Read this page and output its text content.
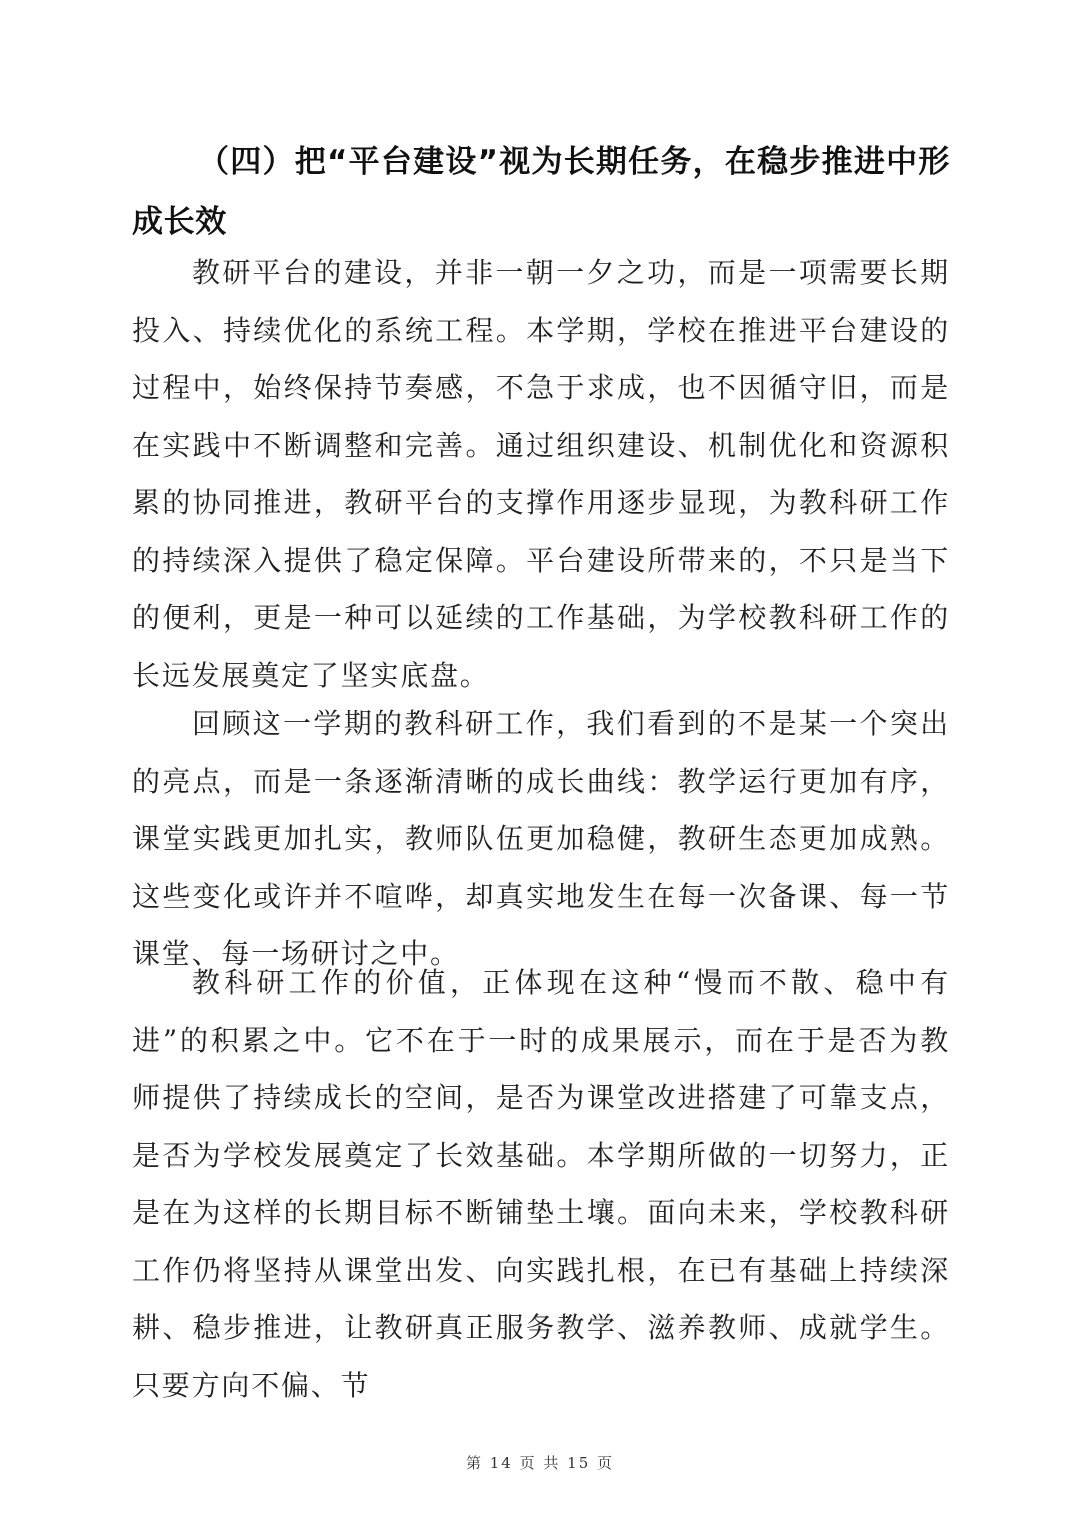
（四）把“平台建设”视为长期任务，在稳步推进中形成长效

教研平台的建设，并非一朝一夕之功，而是一项需要长期投入、持续优化的系统工程。本学期，学校在推进平台建设的过程中，始终保持节奏感，不急于求成，也不因循守旧，而是在实践中不断调整和完善。通过组织建设、机制优化和资源积累的协同推进，教研平台的支撑作用逐步显现，为教科研工作的持续深入提供了稳定保障。平台建设所带来的，不只是当下的便利，更是一种可以延续的工作基础，为学校教科研工作的长远发展奠定了坚实底盘。

回顾这一学期的教科研工作，我们看到的不是某一个突出的亮点，而是一条逐渐清晰的成长曲线：教学运行更加有序，课堂实践更加扎实，教师队伍更加稳健，教研生态更加成熟。这些变化或许并不喧哗，却真实地发生在每一次备课、每一节课堂、每一场研讨之中。

教科研工作的价值，正体现在这种“慢而不散、稳中有进”的积累之中。它不在于一时的成果展示，而在于是否为教师提供了持续成长的空间，是否为课堂改进搭建了可靠支点，是否为学校发展奠定了长效基础。本学期所做的一切努力，正是在为这样的长期目标不断铺垫土壤。面向未来，学校教科研工作仍将坚持从课堂出发、向实践扎根，在已有基础上持续深耕、稳步推进，让教研真正服务教学、滋养教师、成就学生。只要方向不偏、节

第 14 页 共 15 页
